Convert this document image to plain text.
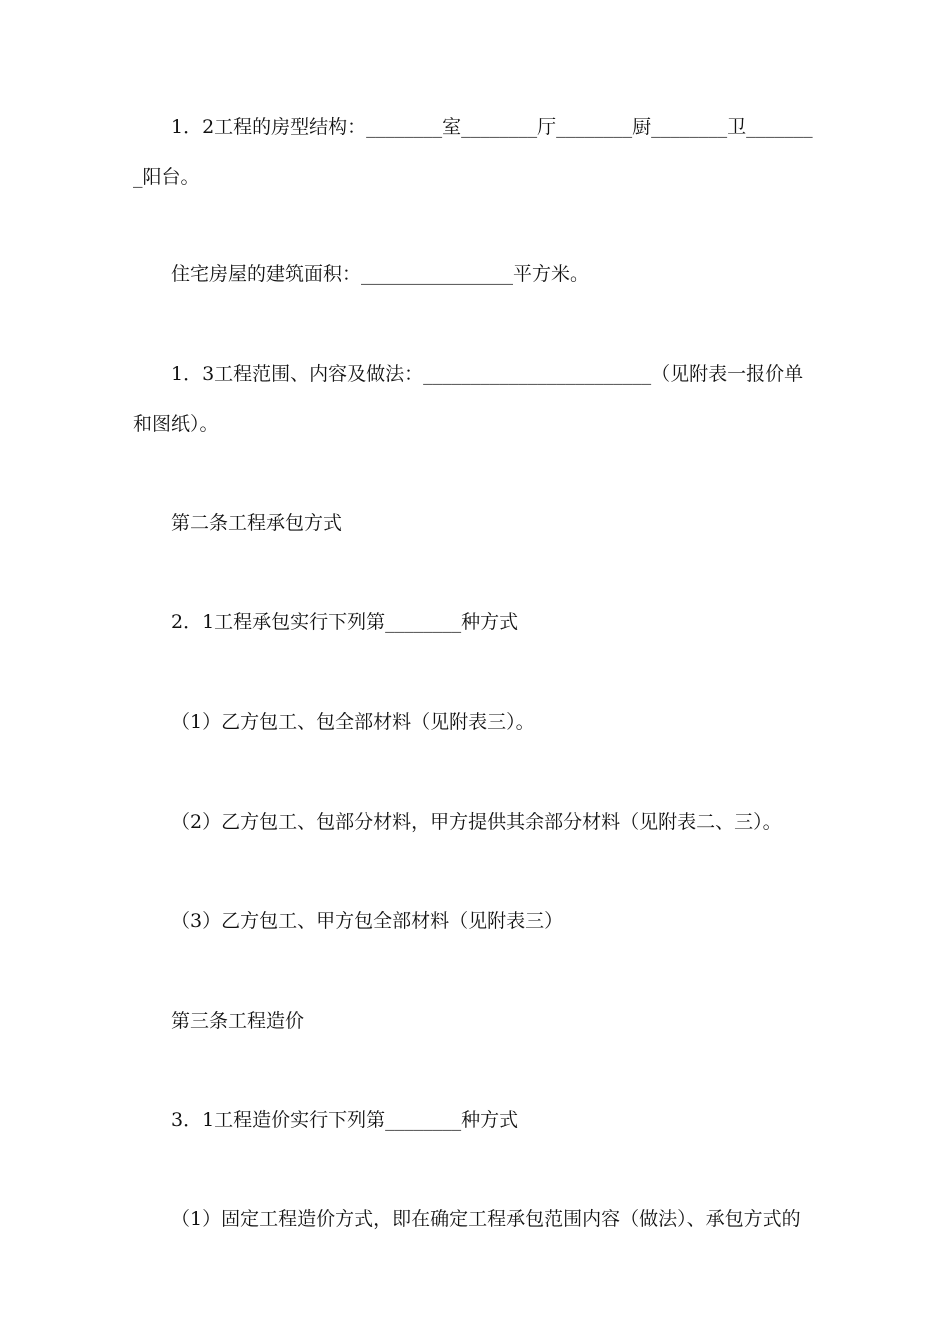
1．2工程的房型结构：________室________厅________厨________卫_______
_阳台。
住宅房屋的建筑面积：________________平方米。
1．3工程范围、内容及做法：________________________（见附表一报价单
和图纸）。
第二条工程承包方式
2．1工程承包实行下列第________种方式
（1）乙方包工、包全部材料（见附表三）。
（2）乙方包工、包部分材料，甲方提供其余部分材料（见附表二、三）。
（3）乙方包工、甲方包全部材料（见附表三）
第三条工程造价
3．1工程造价实行下列第________种方式
（1）固定工程造价方式，即在确定工程承包范围内容（做法）、承包方式的
